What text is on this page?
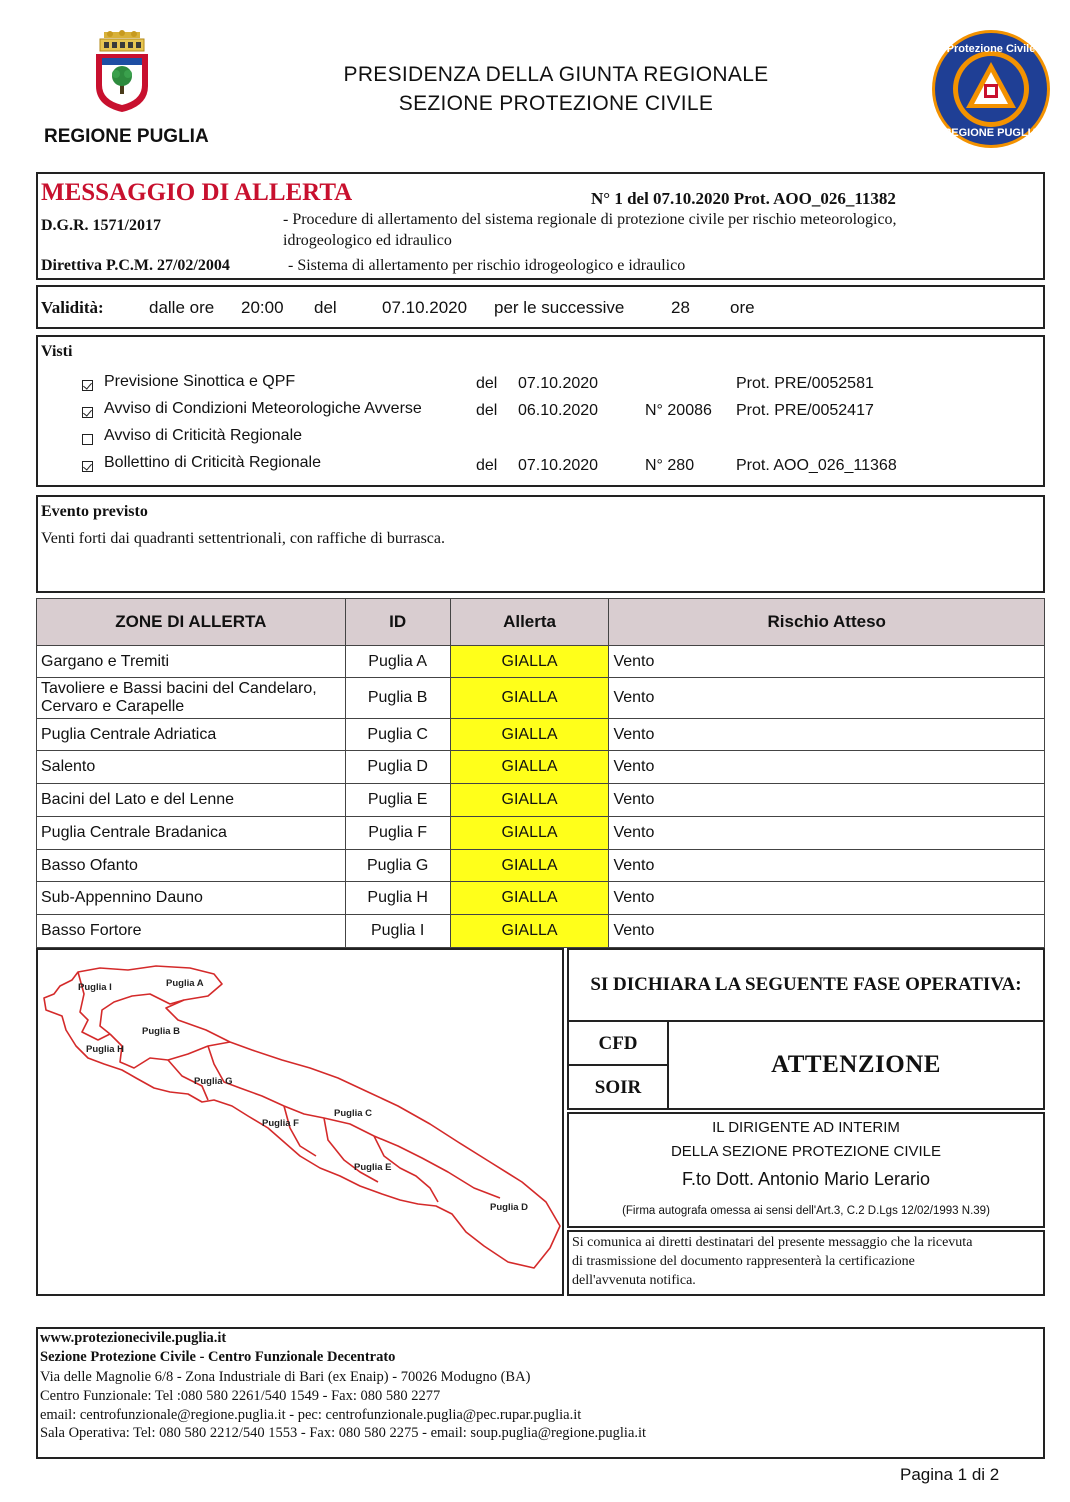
REGIONE PUGLIA
PRESIDENZA DELLA GIUNTA REGIONALE
SEZIONE PROTEZIONE CIVILE
Protezione Civile
REGIONE PUGLIA
MESSAGGIO DI ALLERTA	N° 1 del 07.10.2020 Prot. AOO_026_11382
D.G.R. 1571/2017	- Procedure di allertamento del sistema regionale di protezione civile per rischio meteorologico,
idrogeologico ed idraulico
Direttiva P.C.M. 27/02/2004	- Sistema di allertamento per rischio idrogeologico e idraulico
Validità:	dalle ore 20:00 del	07.10.2020 per le successive	28 ore
Visti
Previsione Sinottica e QPF	del 07.10.2020	Prot. PRE/0052581
Avviso di Condizioni Meteorologiche Avverse	del 06.10.2020	N° 20086 Prot. PRE/0052417
Avviso di Criticità Regionale
Bollettino di Criticità Regionale	del 07.10.2020	N° 280	Prot. AOO_026_11368
Evento previsto
Venti forti dai quadranti settentrionali, con raffiche di burrasca.
ZONE DI ALLERTA	ID	Allerta	Rischio Atteso
Gargano e Tremiti	Puglia A	GIALLA	Vento
Tavoliere e Bassi bacini del Candelaro, Cervaro e Carapelle	Puglia B	GIALLA	Vento
Puglia Centrale Adriatica	Puglia C	GIALLA	Vento
Salento	Puglia D	GIALLA	Vento
Bacini del Lato e del Lenne	Puglia E	GIALLA	Vento
Puglia Centrale Bradanica	Puglia F	GIALLA	Vento
Basso Ofanto	Puglia G	GIALLA	Vento
Sub-Appennino Dauno	Puglia H	GIALLA	Vento
Basso Fortore	Puglia I	GIALLA	Vento
Puglia I	Puglia A
Puglia B
Puglia H
Puglia G
Puglia C
Puglia F
Puglia E
Puglia D
SI DICHIARA LA SEGUENTE FASE OPERATIVA:
CFD
SOIR
ATTENZIONE
IL DIRIGENTE AD INTERIM
DELLA SEZIONE PROTEZIONE CIVILE
F.to Dott. Antonio Mario Lerario
(Firma autografa omessa ai sensi dell'Art.3, C.2 D.Lgs 12/02/1993 N.39)
Si comunica ai diretti destinatari del presente messaggio che la ricevuta
di trasmissione del documento rappresenterà la certificazione
dell'avvenuta notifica.
www.protezionecivile.puglia.it
Sezione Protezione Civile - Centro Funzionale Decentrato
Via delle Magnolie 6/8 - Zona Industriale di Bari (ex Enaip) - 70026 Modugno (BA)
Centro Funzionale: Tel :080 580 2261/540 1549 - Fax: 080 580 2277
email: centrofunzionale@regione.puglia.it - pec: centrofunzionale.puglia@pec.rupar.puglia.it
Sala Operativa: Tel: 080 580 2212/540 1553 - Fax: 080 580 2275 - email: soup.puglia@regione.puglia.it
Pagina 1 di 2
